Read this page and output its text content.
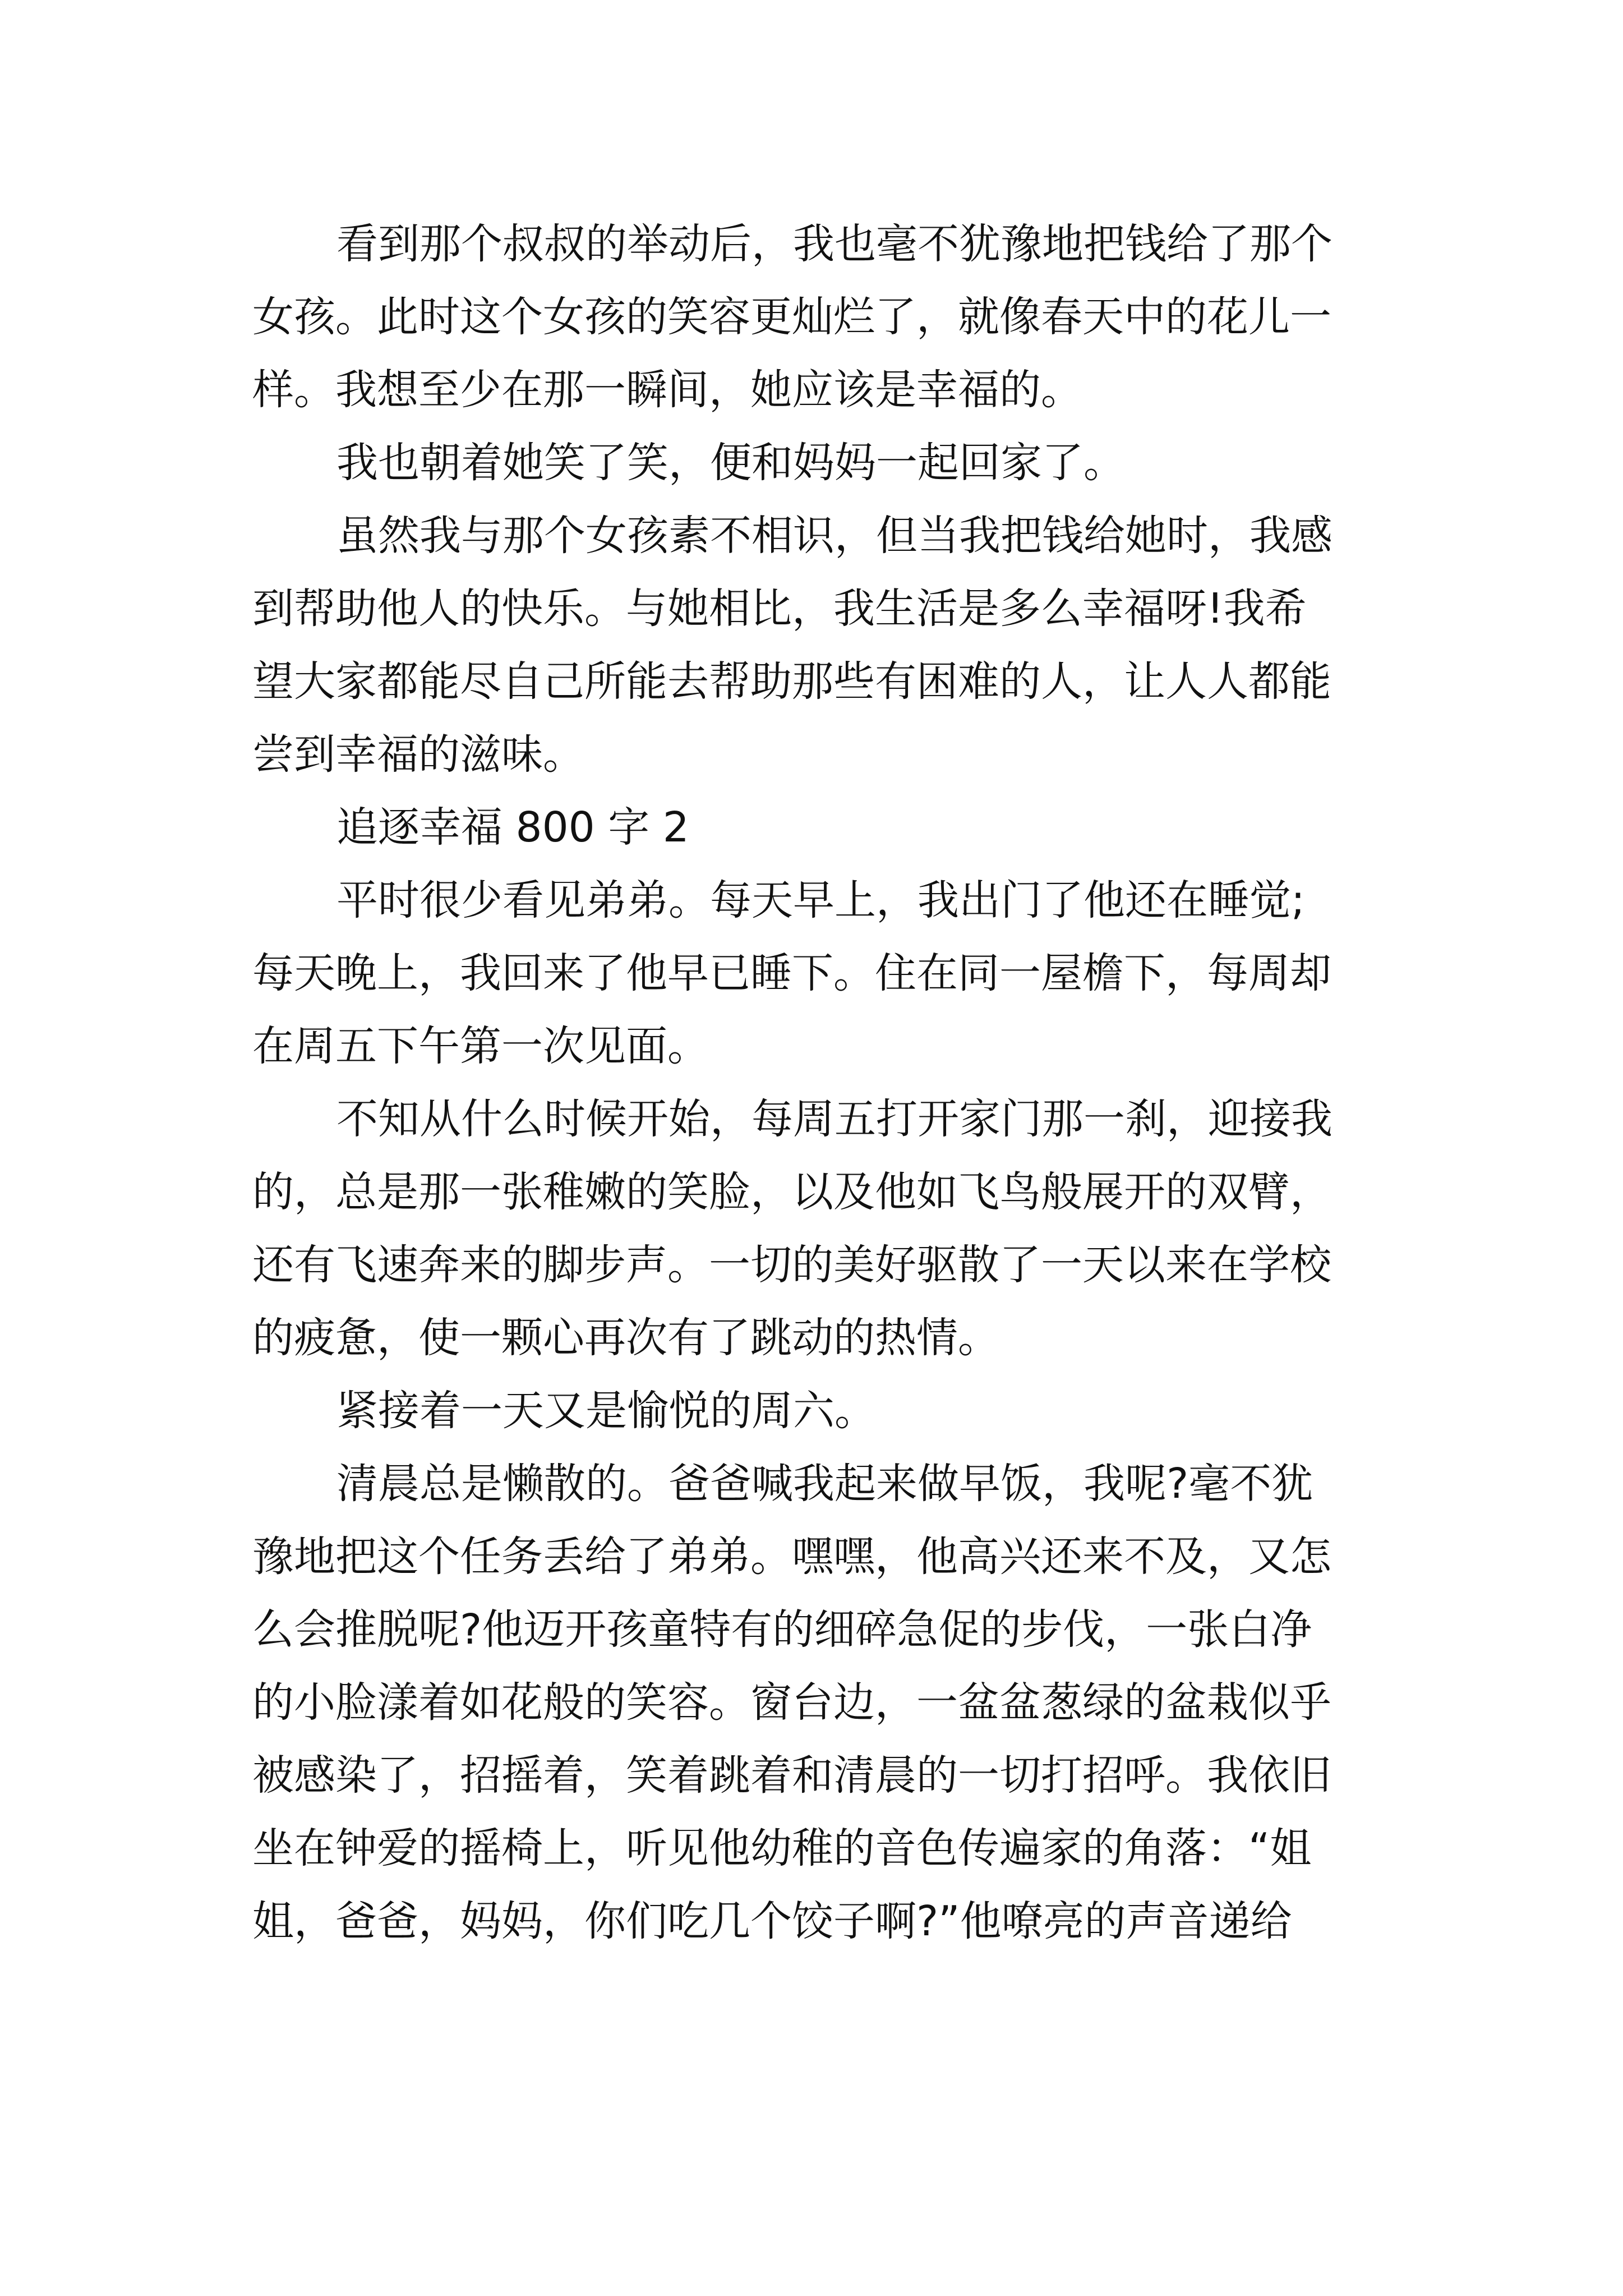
看到那个叔叔的举动后，我也毫不犹豫地把钱给了那个
女孩。此时这个女孩的笑容更灿烂了，就像春天中的花儿一
样。我想至少在那一瞬间，她应该是幸福的。
我也朝着她笑了笑，便和妈妈一起回家了。
虽然我与那个女孩素不相识，但当我把钱给她时，我感
到帮助他人的快乐。与她相比，我生活是多么幸福呀!我希
望大家都能尽自己所能去帮助那些有困难的人，让人人都能
尝到幸福的滋味。
追逐幸福 800 字 2
平时很少看见弟弟。每天早上，我出门了他还在睡觉;
每天晚上，我回来了他早已睡下。住在同一屋檐下，每周却
在周五下午第一次见面。
不知从什么时候开始，每周五打开家门那一刹，迎接我
的，总是那一张稚嫩的笑脸，以及他如飞鸟般展开的双臂，
还有飞速奔来的脚步声。一切的美好驱散了一天以来在学校
的疲惫，使一颗心再次有了跳动的热情。
紧接着一天又是愉悦的周六。
清晨总是懒散的。爸爸喊我起来做早饭，我呢?毫不犹
豫地把这个任务丢给了弟弟。嘿嘿，他高兴还来不及，又怎
么会推脱呢?他迈开孩童特有的细碎急促的步伐，一张白净
的小脸漾着如花般的笑容。窗台边，一盆盆葱绿的盆栽似乎
被感染了，招摇着，笑着跳着和清晨的一切打招呼。我依旧
坐在钟爱的摇椅上，听见他幼稚的音色传遍家的角落：“姐
姐，爸爸，妈妈，你们吃几个饺子啊?”他嘹亮的声音递给
